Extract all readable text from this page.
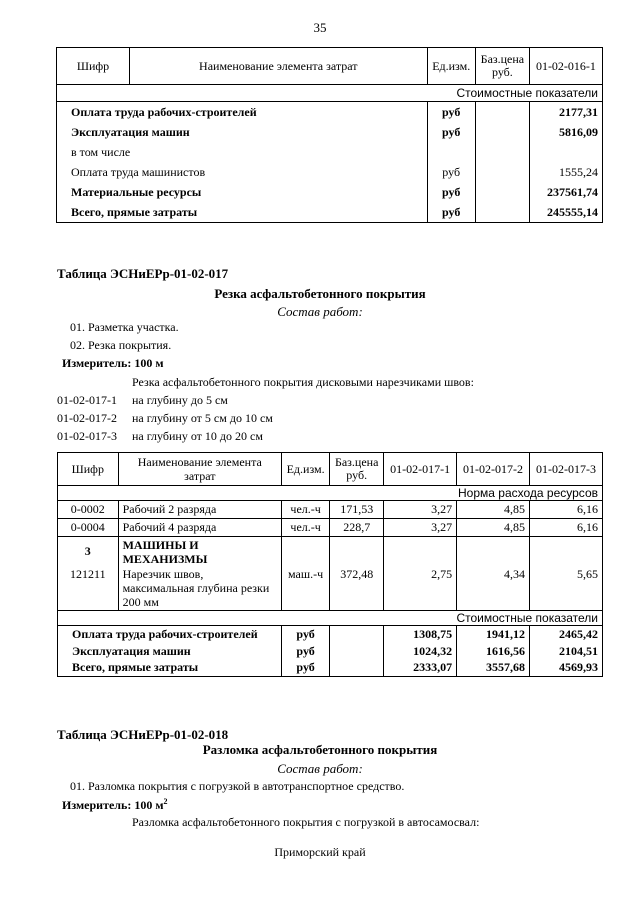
35
Шифр	Наименование элемента затрат	Ед.изм.	Баз.цена руб.	01-02-016-1
Стоимостные показатели				
Оплата труда рабочих-строителей		руб		2177,31
Эксплуатация машин		руб		5816,09
в том числе				
Оплата труда машинистов		руб		1555,24
Материальные ресурсы		руб		237561,74
Всего, прямые затраты		руб		245555,14
Таблица ЭСНиЕРр-01-02-017
Резка асфальтобетонного покрытия
Состав работ:
01. Разметка участка.
02. Резка покрытия.
Измеритель: 100 м
Резка асфальтобетонного покрытия дисковыми нарезчиками швов:
01-02-017-1 на глубину до 5 см
01-02-017-2 на глубину от 5 см до 10 см
01-02-017-3 на глубину от 10 до 20 см
Шифр	Наименование элемента затрат	Ед.изм.	Баз.цена руб.	01-02-017-1	01-02-017-2	01-02-017-3
Норма расхода ресурсов						
0-0002	Рабочий 2 разряда	чел.-ч	171,53	3,27	4,85	6,16
0-0004	Рабочий 4 разряда	чел.-ч	228,7	3,27	4,85	6,16
3	МАШИНЫ И МЕХАНИЗМЫ					
121211	Нарезчик швов, максимальная глубина резки 200 мм	маш.-ч	372,48	2,75	4,34	5,65
Стоимостные показатели						
Оплата труда рабочих-строителей		руб		1308,75	1941,12	2465,42
Эксплуатация машин		руб		1024,32	1616,56	2104,51
Всего, прямые затраты		руб		2333,07	3557,68	4569,93
Таблица ЭСНиЕРр-01-02-018
Разломка асфальтобетонного покрытия
Состав работ:
01. Разломка покрытия с погрузкой в автотранспортное средство.
Измеритель: 100 $м^2$
Разломка асфальтобетонного покрытия с погрузкой в автосамосвал:
Приморский край
